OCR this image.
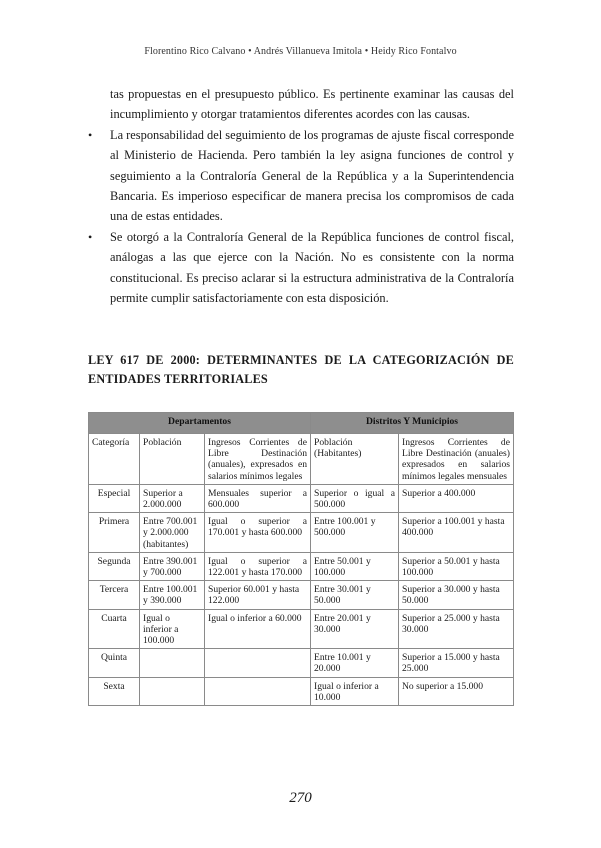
Florentino Rico Calvano • Andrés Villanueva Imitola • Heidy Rico Fontalvo

tas propuestas en el presupuesto público. Es pertinente examinar las causas del incumplimiento y otorgar tratamientos diferentes acordes con las causas.

• La responsabilidad del seguimiento de los programas de ajuste fiscal corresponde al Ministerio de Hacienda. Pero también la ley asigna funciones de control y seguimiento a la Contraloría General de la República y a la Superintendencia Bancaria. Es imperioso especificar de manera precisa los compromisos de cada una de estas entidades.
• Se otorgó a la Contraloría General de la República funciones de control fiscal, análogas a las que ejerce con la Nación. No es consistente con la norma constitucional. Es preciso aclarar si la estructura administrativa de la Contraloría permite cumplir satisfactoriamente con esta disposición.
LEY 617 DE 2000: DETERMINANTES DE LA CATEGORIZACIÓN DE ENTIDADES TERRITORIALES
Departamentos			Distritos Y Municipios	
Categoría	Población	Ingresos Corrientes de Libre Destinación (anuales), expresados en salarios mínimos legales	Población (Habitantes)	Ingresos Corrientes de Libre Destinación (anuales) expresados en salarios mínimos legales mensuales
Especial	Superior a 2.000.000	Mensuales superior a 600.000	Superior o igual a 500.000	Superior a 400.000
Primera	Entre 700.001 y 2.000.000 (habitantes)	Igual o superior a 170.001 y hasta 600.000	Entre 100.001 y 500.000	Superior a 100.001 y hasta 400.000
Segunda	Entre 390.001 y 700.000	Igual o superior a 122.001 y hasta 170.000	Entre 50.001 y 100.000	Superior a 50.001 y hasta 100.000
Tercera	Entre 100.001 y 390.000	Superior 60.001 y hasta 122.000	Entre 30.001 y 50.000	Superior a 30.000 y hasta 50.000
Cuarta	Igual o inferior a 100.000	Igual o inferior a 60.000	Entre 20.001 y 30.000	Superior a 25.000 y hasta 30.000
Quinta			Entre 10.001 y 20.000	Superior a 15.000 y hasta 25.000
Sexta			Igual o inferior a 10.000	No superior a 15.000
270
